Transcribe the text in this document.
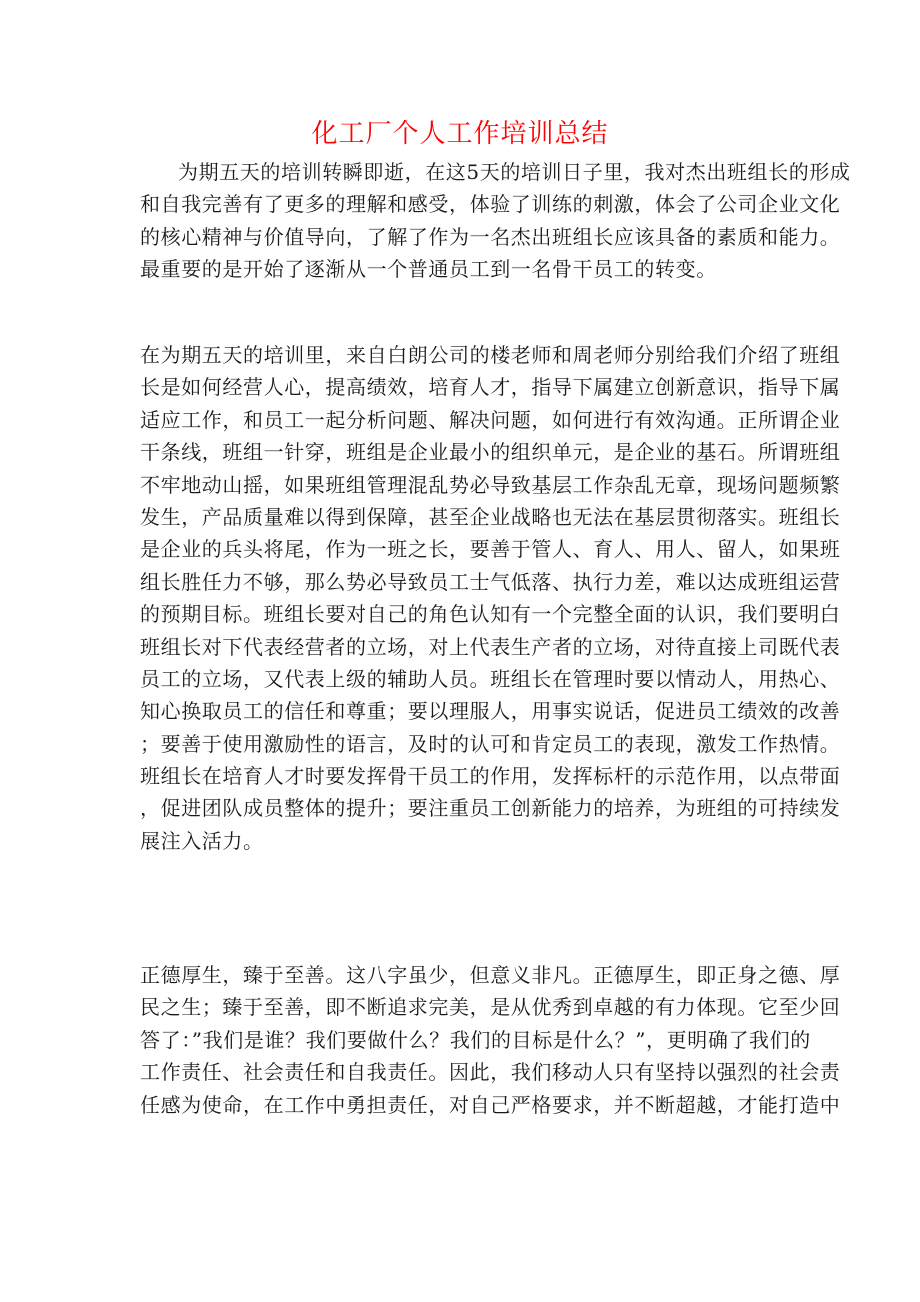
化工厂个人工作培训总结
为期五天的培训转瞬即逝，在这5天的培训日子里，我对杰出班组长的形成
和自我完善有了更多的理解和感受，体验了训练的刺激，体会了公司企业文化
的核心精神与价值导向，了解了作为一名杰出班组长应该具备的素质和能力。
最重要的是开始了逐渐从一个普通员工到一名骨干员工的转变。
在为期五天的培训里，来自白朗公司的楼老师和周老师分别给我们介绍了班组
长是如何经营人心，提高绩效，培育人才，指导下属建立创新意识，指导下属
适应工作，和员工一起分析问题、解决问题，如何进行有效沟通。正所谓企业
干条线，班组一针穿，班组是企业最小的组织单元，是企业的基石。所谓班组
不牢地动山摇，如果班组管理混乱势必导致基层工作杂乱无章，现场问题频繁
发生，产品质量难以得到保障，甚至企业战略也无法在基层贯彻落实。班组长
是企业的兵头将尾，作为一班之长，要善于管人、育人、用人、留人，如果班
组长胜任力不够，那么势必导致员工士气低落、执行力差，难以达成班组运营
的预期目标。班组长要对自己的角色认知有一个完整全面的认识，我们要明白
班组长对下代表经营者的立场，对上代表生产者的立场，对待直接上司既代表
员工的立场，又代表上级的辅助人员。班组长在管理时要以情动人，用热心、
知心换取员工的信任和尊重；要以理服人，用事实说话，促进员工绩效的改善
；要善于使用激励性的语言，及时的认可和肯定员工的表现，激发工作热情。
班组长在培育人才时要发挥骨干员工的作用，发挥标杆的示范作用，以点带面
，促进团队成员整体的提升；要注重员工创新能力的培养，为班组的可持续发
展注入活力。
正德厚生，臻于至善。这八字虽少，但意义非凡。正德厚生，即正身之德、厚
民之生；臻于至善，即不断追求完美，是从优秀到卓越的有力体现。它至少回
答了：”我们是谁？我们要做什么？我们的目标是什么？”，更明确了我们的
工作责任、社会责任和自我责任。因此，我们移动人只有坚持以强烈的社会责
任感为使命，在工作中勇担责任，对自己严格要求，并不断超越，才能打造中
